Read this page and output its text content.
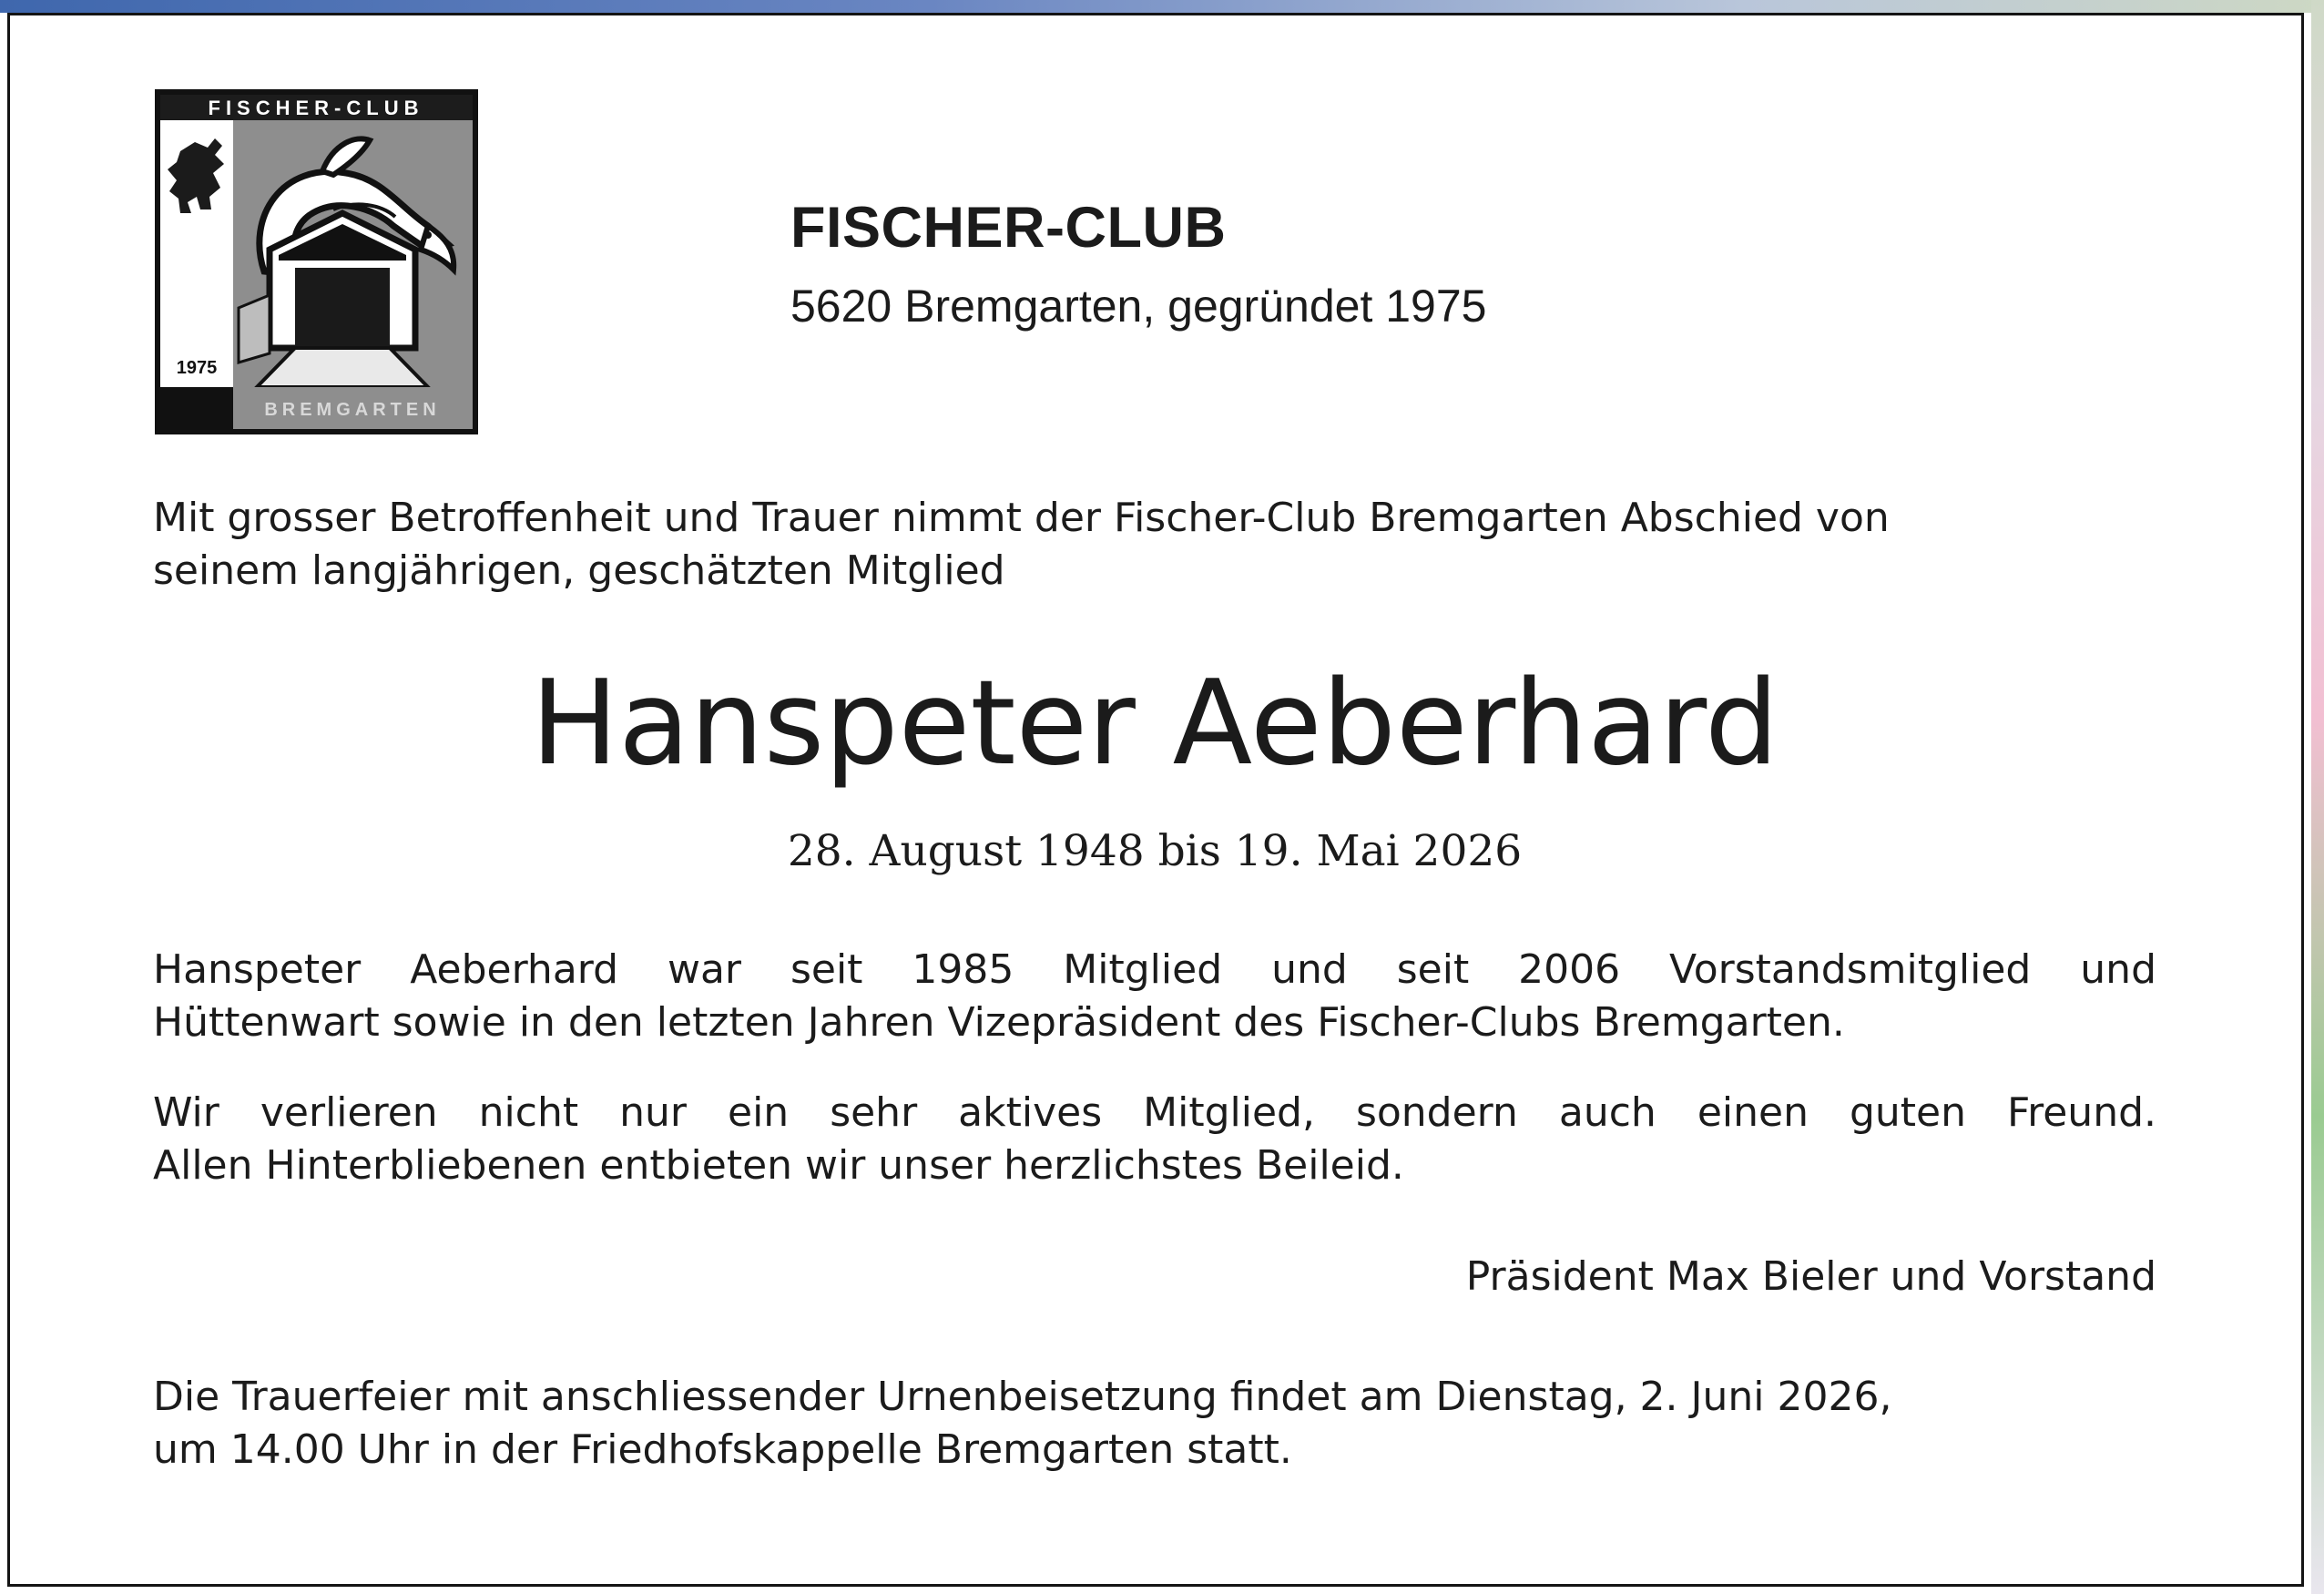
FISCHER-CLUB
1975
BREMGARTEN
FISCHER-CLUB
5620 Bremgarten, gegründet 1975
Mit grosser Betroffenheit und Trauer nimmt der Fischer-Club Bremgarten Abschied von
seinem langjährigen, geschätzten Mitglied
Hanspeter Aeberhard
28. August 1948 bis 19. Mai 2026
Hanspeter Aeberhard war seit 1985 Mitglied und seit 2006 Vorstandsmitglied und
Hüttenwart sowie in den letzten Jahren Vizepräsident des Fischer-Clubs Bremgarten.
Wir verlieren nicht nur ein sehr aktives Mitglied, sondern auch einen guten Freund.
Allen Hinterbliebenen entbieten wir unser herzlichstes Beileid.
Präsident Max Bieler und Vorstand
Die Trauerfeier mit anschliessender Urnenbeisetzung findet am Dienstag, 2. Juni 2026,
um 14.00 Uhr in der Friedhofskappelle Bremgarten statt.
